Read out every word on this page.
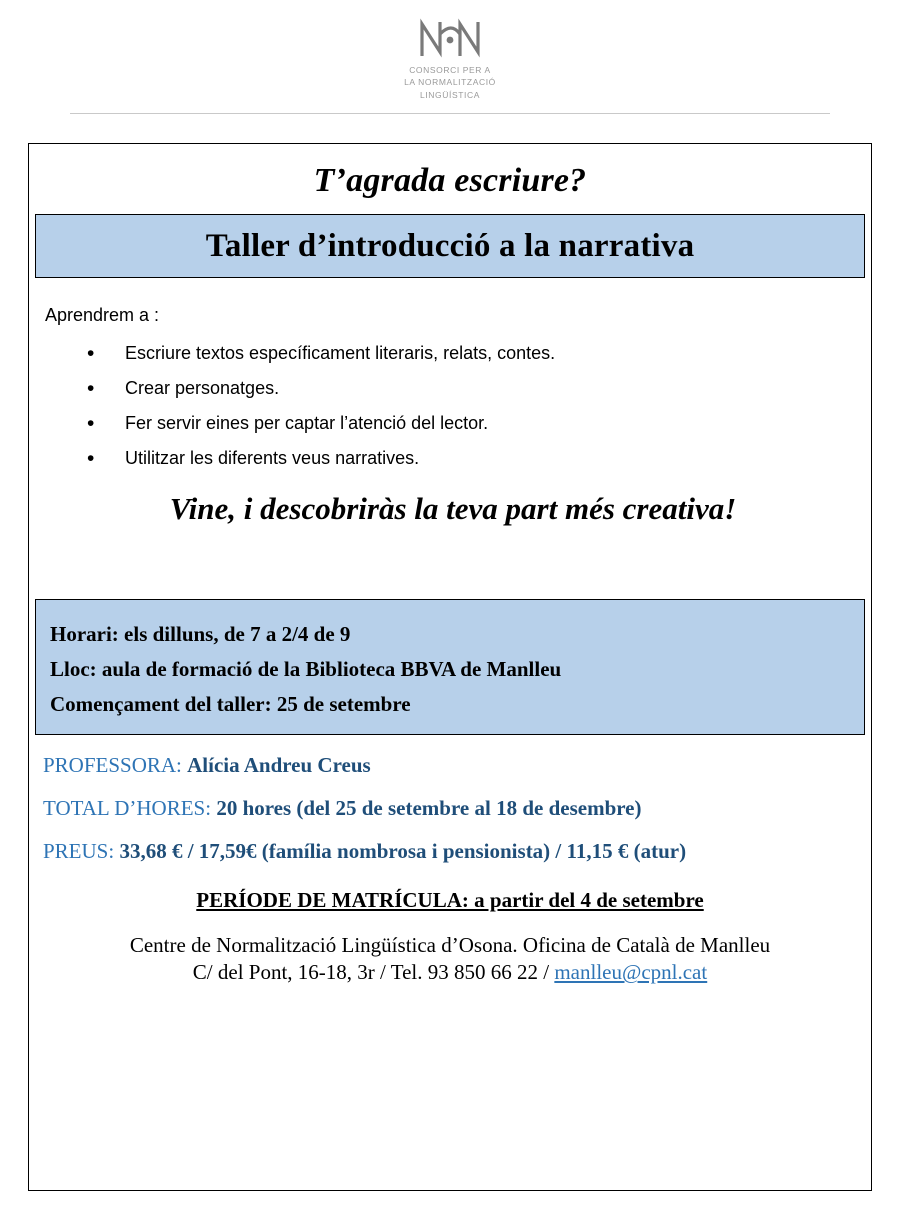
CONSORCI PER A
LA NORMALITZACIÓ
LINGÜÍSTICA
T’agrada escriure?
Taller d’introducció a la narrativa
Aprendrem a :
• Escriure textos específicament literaris, relats, contes.
• Crear personatges.
• Fer servir eines per captar l’atenció del lector.
• Utilitzar les diferents veus narratives.
Vine, i descobriràs la teva part més creativa!
Horari: els dilluns, de 7 a 2/4 de 9
Lloc: aula de formació de la Biblioteca BBVA de Manlleu
Començament del taller: 25 de setembre
PROFESSORA: Alícia Andreu Creus
TOTAL D’HORES: 20 hores (del 25 de setembre al 18 de desembre)
PREUS: 33,68 € / 17,59€ (família nombrosa i pensionista) / 11,15 € (atur)
PERÍODE DE MATRÍCULA: a partir del 4 de setembre
Centre de Normalització Lingüística d’Osona. Oficina de Català de Manlleu
C/ del Pont, 16-18, 3r / Tel. 93 850 66 22 / manlleu@cpnl.cat
